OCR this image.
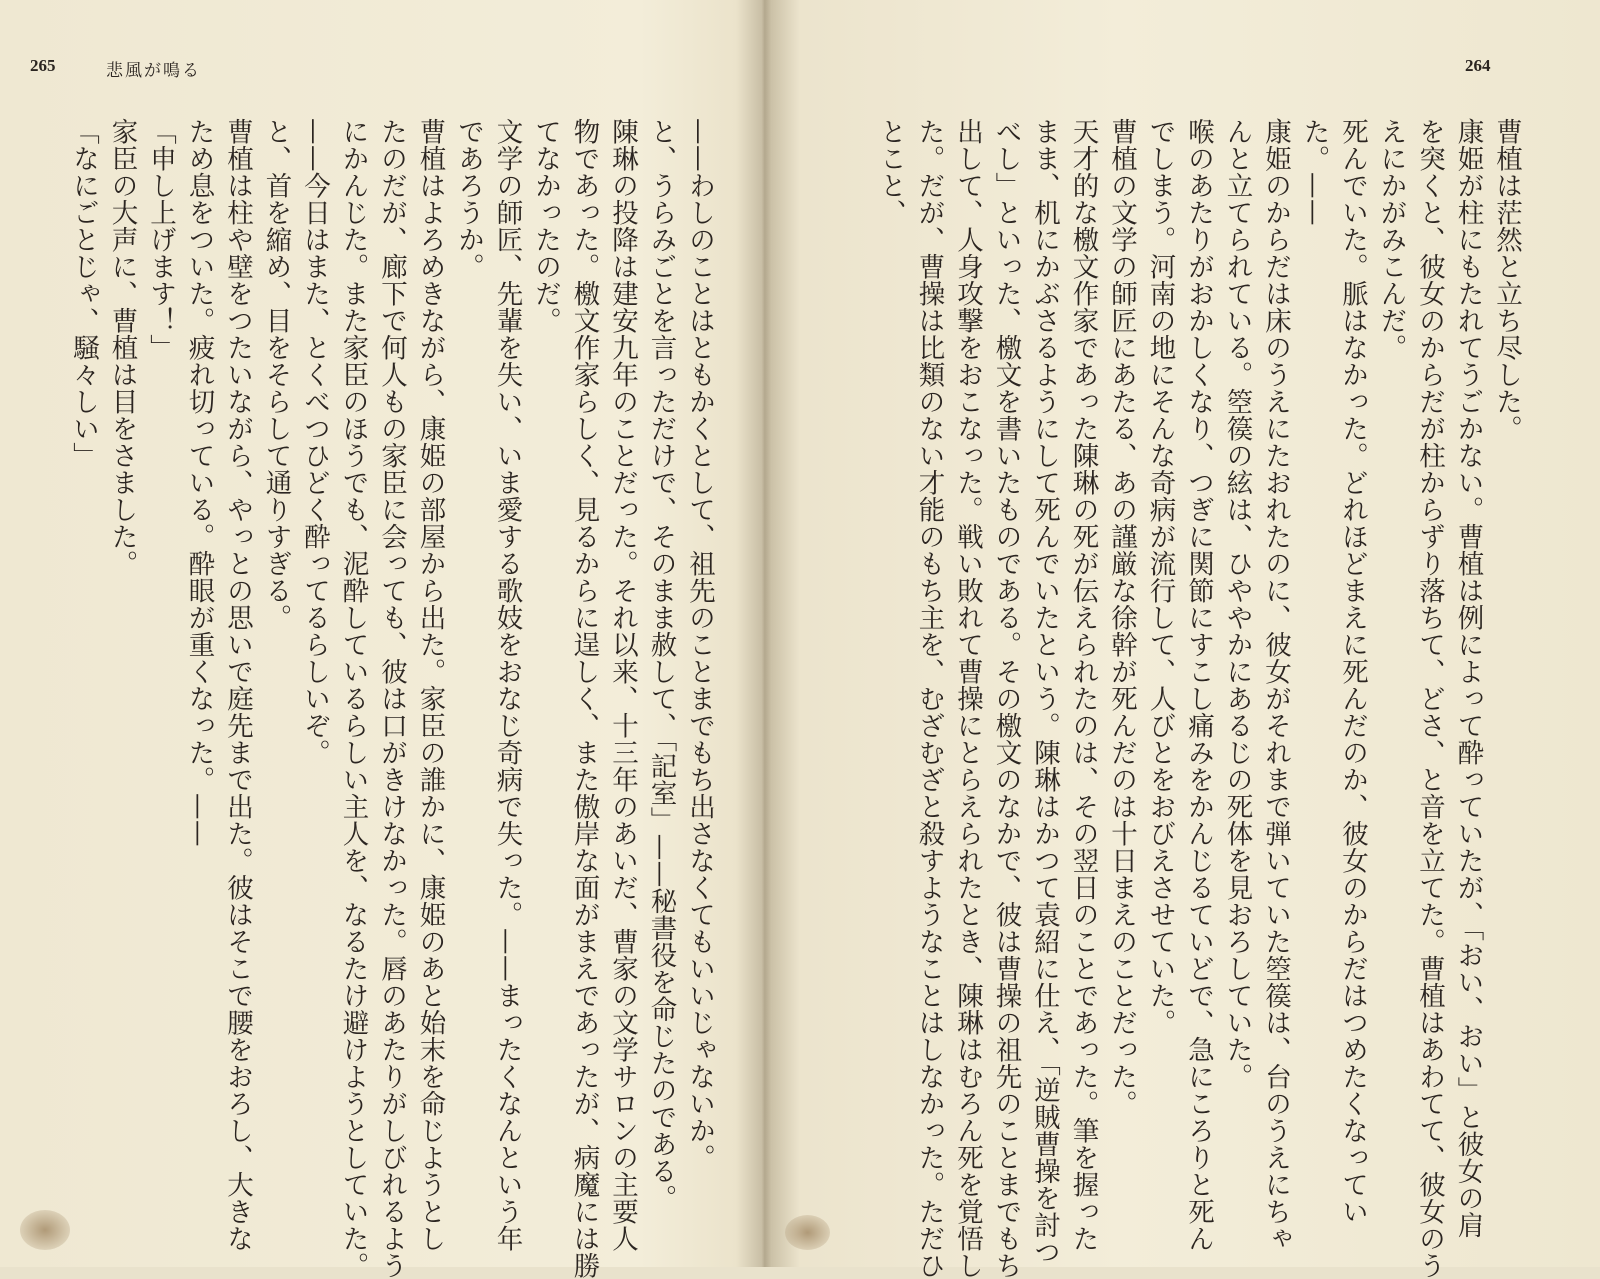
265	悲風が鳴る
——わしのことはともかくとして、祖先のことまでもち出さなくてもいいじゃないか。
と、うらみごとを言っただけで、そのまま赦して、「記室」——秘書役を命じたのである。
陳琳の投降は建安九年のことだった。それ以来、十三年のあいだ、曹家の文学サロンの主要人
物であった。檄文作家らしく、見るからに逞しく、また傲岸な面がまえであったが、病魔には勝
てなかったのだ。
文学の師匠、先輩を失い、いま愛する歌妓をおなじ奇病で失った。——まったくなんという年
であろうか。
曹植はよろめきながら、康姫の部屋から出た。家臣の誰かに、康姫のあと始末を命じようとし
たのだが、廊下で何人もの家臣に会っても、彼は口がきけなかった。唇のあたりがしびれるよう
にかんじた。また家臣のほうでも、泥酔しているらしい主人を、なるたけ避けようとしていた。
——今日はまた、とくべつひどく酔ってるらしいぞ。
と、首を縮め、目をそらして通りすぎる。
曹植は柱や壁をつたいながら、やっとの思いで庭先まで出た。彼はそこで腰をおろし、大きな
ため息をついた。疲れ切っている。酔眼が重くなった。——
「申し上げます！」
家臣の大声に、曹植は目をさました。
「なにごとじゃ、騒々しい」
264
曹植は茫然と立ち尽した。
康姫が柱にもたれてうごかない。曹植は例によって酔っていたが、「おい、おい」と彼女の肩
を突くと、彼女のからだが柱からずり落ちて、どさ、と音を立てた。曹植はあわてて、彼女のう
えにかがみこんだ。
死んでいた。脈はなかった。どれほどまえに死んだのか、彼女のからだはつめたくなってい
た。——
康姫のからだは床のうえにたおれたのに、彼女がそれまで弾いていた箜篌は、台のうえにちゃ
んと立てられている。箜篌の絃は、ひややかにあるじの死体を見おろしていた。
喉のあたりがおかしくなり、つぎに関節にすこし痛みをかんじるていどで、急にころりと死ん
でしまう。河南の地にそんな奇病が流行して、人びとをおびえさせていた。
曹植の文学の師匠にあたる、あの謹厳な徐幹が死んだのは十日まえのことだった。
天才的な檄文作家であった陳琳の死が伝えられたのは、その翌日のことであった。筆を握った
まま、机にかぶさるようにして死んでいたという。陳琳はかつて袁紹に仕え、「逆賊曹操を討つ
べし」といった、檄文を書いたものである。その檄文のなかで、彼は曹操の祖先のことまでもち
出して、人身攻撃をおこなった。戦い敗れて曹操にとらえられたとき、陳琳はむろん死を覚悟し
た。だが、曹操は比類のない才能のもち主を、むざむざと殺すようなことはしなかった。ただひ
とこと、
